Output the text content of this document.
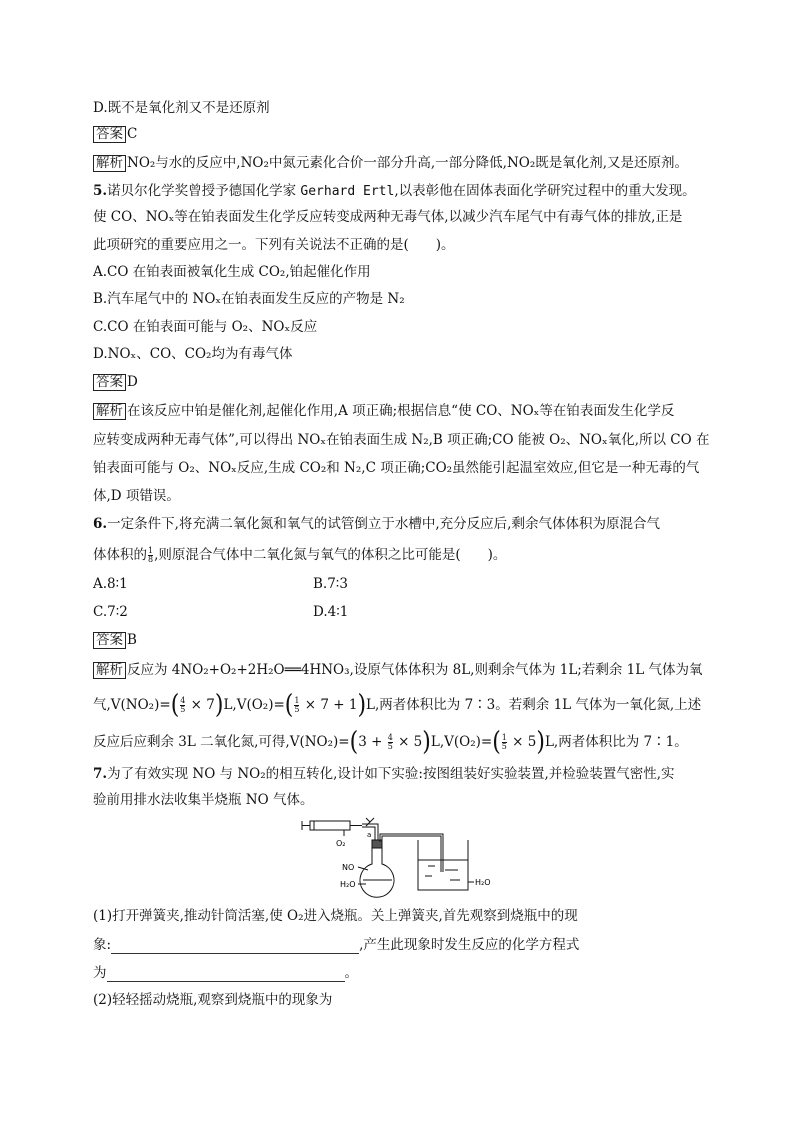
D.既不是氧化剂又不是还原剂
答案 C
解析 NO₂与水的反应中,NO₂中氮元素化合价一部分升高,一部分降低,NO₂既是氧化剂,又是还原剂。
5.诺贝尔化学奖曾授予德国化学家 Gerhard Ertl,以表彰他在固体表面化学研究过程中的重大发现。
使 CO、NOₓ等在铂表面发生化学反应转变成两种无毒气体,以减少汽车尾气中有毒气体的排放,正是
此项研究的重要应用之一。下列有关说法不正确的是(　　)。
A.CO 在铂表面被氧化生成 CO₂,铂起催化作用
B.汽车尾气中的 NOₓ在铂表面发生反应的产物是 N₂
C.CO 在铂表面可能与 O₂、NOₓ反应
D.NOₓ、CO、CO₂均为有毒气体
答案 D
解析 在该反应中铂是催化剂,起催化作用,A 项正确;根据信息“使 CO、NOₓ等在铂表面发生化学反
应转变成两种无毒气体”,可以得出 NOₓ在铂表面生成 N₂,B 项正确;CO 能被 O₂、NOₓ氧化,所以 CO 在
铂表面可能与 O₂、NOₓ反应,生成 CO₂和 N₂,C 项正确;CO₂虽然能引起温室效应,但它是一种无毒的气
体,D 项错误。
6.一定条件下,将充满二氧化氮和氧气的试管倒立于水槽中,充分反应后,剩余气体体积为原混合气
体体积的 $\frac{1}{8}$ ,则原混合气体中二氧化氮与氧气的体积之比可能是(　　)。
A.8∶1	B.7∶3
C.7∶2	D.4∶1
答案 B
解析 反应为 4NO₂+O₂+2H₂O══4HNO₃,设原气体体积为 8L,则剩余气体为 1L;若剩余 1L 气体为氧
气$,V(NO_2)=( \frac{4}{5} \times 7)L,V(O_2)=( \frac{1}{5} \times 7 + 1)L$,两者体积比为 7∶3。若剩余 1L 气体为一氧化氮,上述
反应后应剩余 3L 二氧化氮,可得$,V(NO_2)=(3 + \frac{4}{5} \times 5)L,V(O_2)=( \frac{1}{5} \times 5)L$,两者体积比为 7∶1。
7.为了有效实现 NO 与 NO₂的相互转化,设计如下实验:按图组装好实验装置,并检验装置气密性,实
验前用排水法收集半烧瓶 NO 气体。
O₂
a
NO
H₂O	H₂O
(1)打开弹簧夹,推动针筒活塞,使 O₂进入烧瓶。关上弹簧夹,首先观察到烧瓶中的现
象:	,产生此现象时发生反应的化学方程式
为	。
(2)轻轻摇动烧瓶,观察到烧瓶中的现象为
